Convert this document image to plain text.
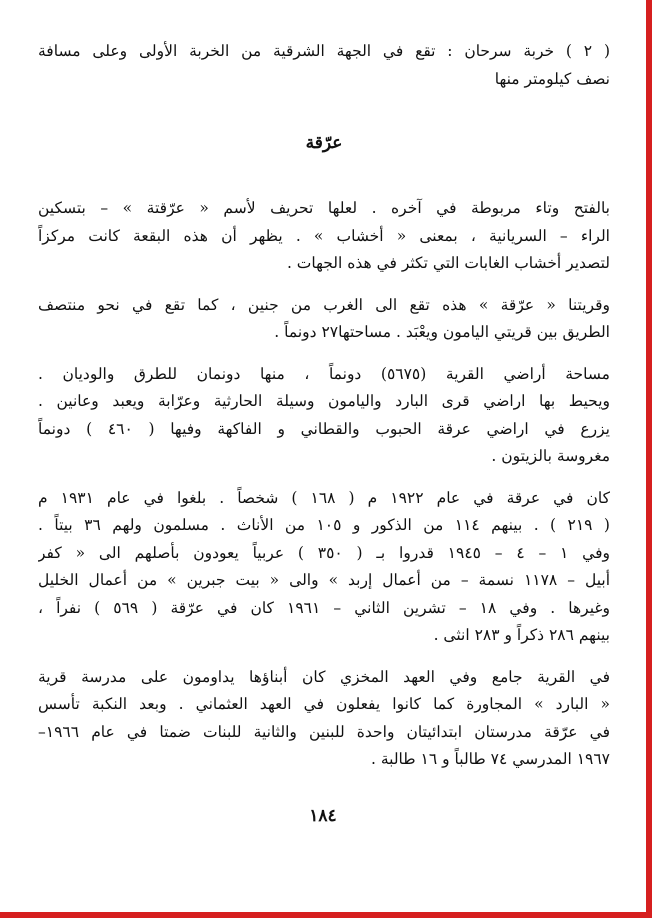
( ٢ ) خربة سرحان : تقع في الجهة الشرقية من الخربة الأولى وعلى مسافة
نصف كيلومتر منها
عرّقة
بالفتح وتاء مربوطة في آخره . لعلها تحريف لأسم « عرّقتة » – بتسكين
الراء – السريانية ، بمعنى « أخشاب » . يظهر أن هذه البقعة كانت مركزاً
لتصدير أخشاب الغابات التي تكثر في هذه الجهات .
وقريتنا « عرّقة » هذه تقع الى الغرب من جنين ، كما تقع في نحو منتصف
الطريق بين قريتي اليامون ويعْبَد . مساحتها٢٧ دونماً .
مساحة أراضي القرية (٥٦٧٥) دونماً ، منها دونمان للطرق والوديان .
ويحيط بها اراضي قرى البارد واليامون وسيلة الحارثية وعرّابة ويعبد وعانين .
يزرع في اراضي عرقة الحبوب والقطاني و الفاكهة وفيها ( ٤٦٠ ) دونماً
مغروسة بالزيتون .
كان في عرقة في عام ١٩٢٢ م ( ١٦٨ ) شخصاً . بلغوا في عام ١٩٣١ م
( ٢١٩ ) . بينهم ١١٤ من الذكور و ١٠٥ من الأناث . مسلمون ولهم ٣٦ بيتاً .
وفي ١ – ٤ – ١٩٤٥ قدروا بـ ( ٣٥٠ ) عربياً يعودون بأصلهم الى « كفر
أبيل – ١١٧٨ نسمة – من أعمال إربد » والى « بيت جبرين » من أعمال الخليل
وغيرها . وفي ١٨ – تشرين الثاني – ١٩٦١ كان في عرّقة ( ٥٦٩ ) نفراً ،
بينهم ٢٨٦ ذكراً و ٢٨٣ انثى .
في القرية جامع وفي العهد المخزي كان أبناؤها يداومون على مدرسة قرية
« البارد » المجاورة كما كانوا يفعلون في العهد العثماني . وبعد النكبة تأسس
في عرّقة مدرستان ابتدائيتان واحدة للبنين والثانية للبنات ضمتا في عام ١٩٦٦–
١٩٦٧ المدرسي ٧٤ طالباً و ١٦ طالبة .
١٨٤
